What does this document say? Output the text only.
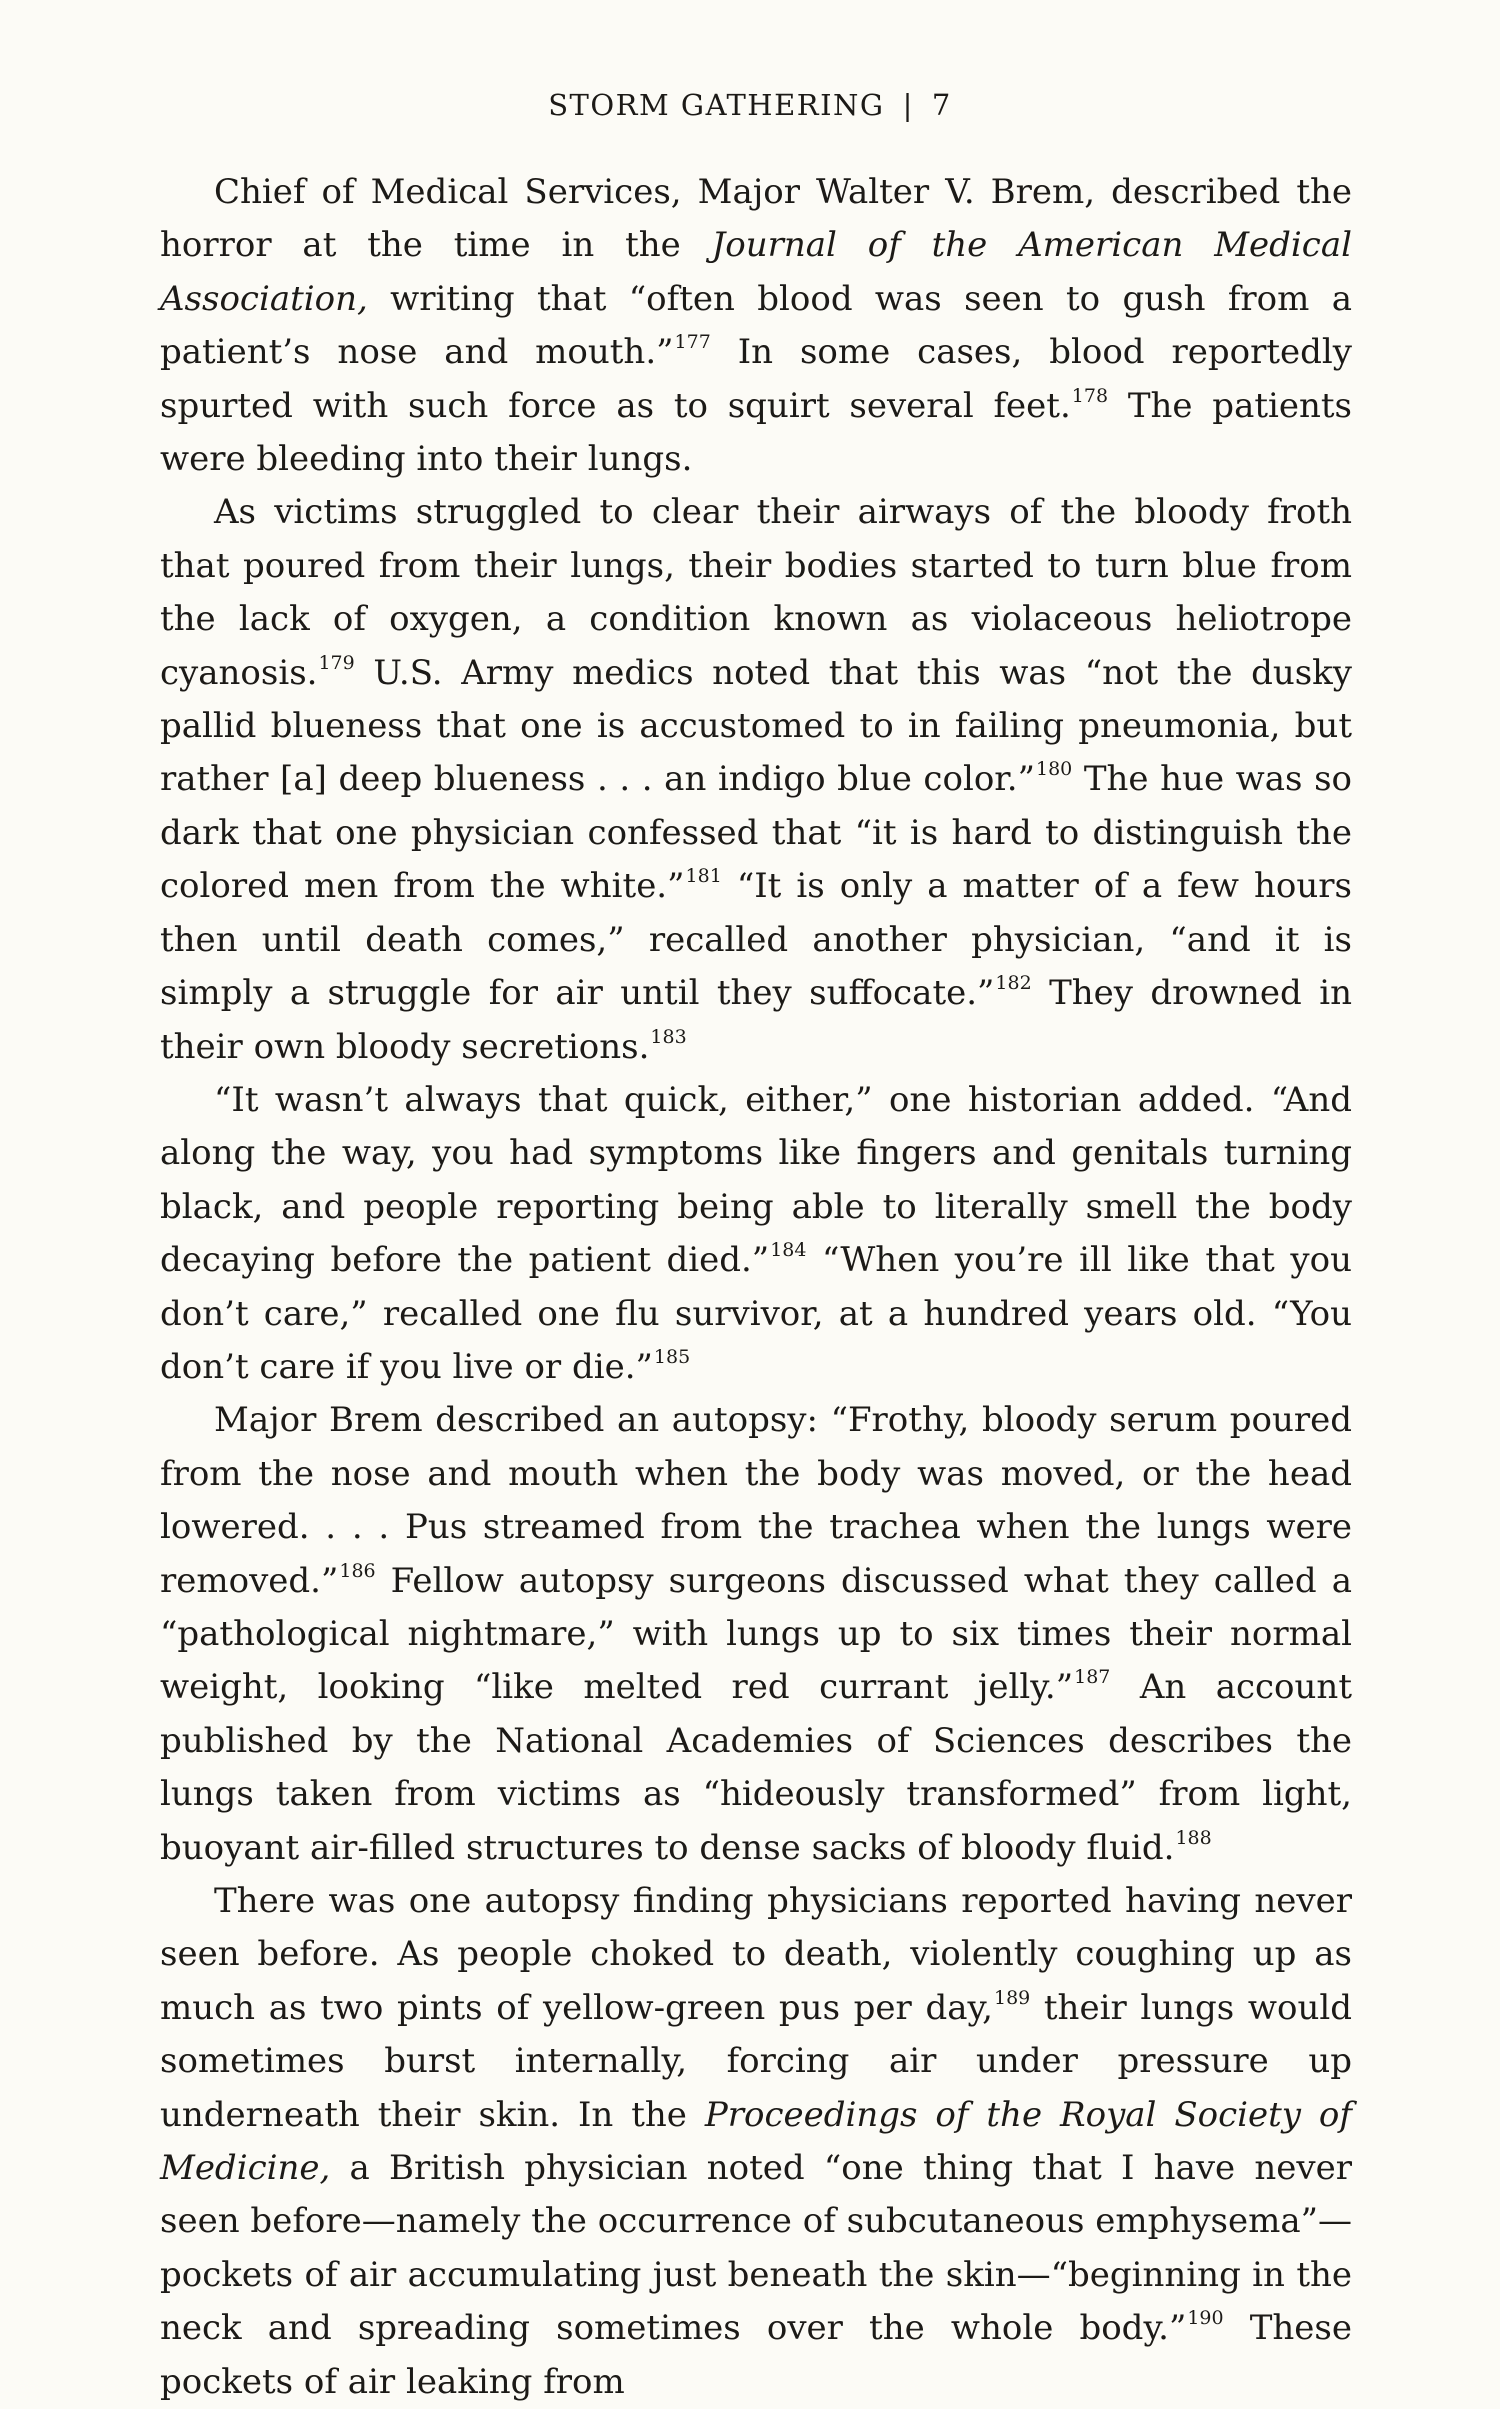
STORM GATHERING | 7

Chief of Medical Services, Major Walter V. Brem, described the horror at the time in the Journal of the American Medical Association, writing that “often blood was seen to gush from a patient’s nose and mouth.”$^{177}$ In some cases, blood reportedly spurted with such force as to squirt several feet.$^{178}$ The patients were bleeding into their lungs.

As victims struggled to clear their airways of the bloody froth that poured from their lungs, their bodies started to turn blue from the lack of oxygen, a condition known as violaceous heliotrope cyanosis.$^{179}$ U.S. Army medics noted that this was “not the dusky pallid blueness that one is accustomed to in failing pneumonia, but rather [a] deep blueness . . . an indigo blue color.”$^{180}$ The hue was so dark that one physician confessed that “it is hard to distinguish the colored men from the white.”$^{181}$ “It is only a matter of a few hours then until death comes,” recalled another physician, “and it is simply a struggle for air until they suffocate.”$^{182}$ They drowned in their own bloody secretions.$^{183}$

“It wasn’t always that quick, either,” one historian added. “And along the way, you had symptoms like fingers and genitals turning black, and people reporting being able to literally smell the body decaying before the patient died.”$^{184}$ “When you’re ill like that you don’t care,” recalled one flu survivor, at a hundred years old. “You don’t care if you live or die.”$^{185}$

Major Brem described an autopsy: “Frothy, bloody serum poured from the nose and mouth when the body was moved, or the head lowered. . . . Pus streamed from the trachea when the lungs were removed.”$^{186}$ Fellow autopsy surgeons discussed what they called a “pathological nightmare,” with lungs up to six times their normal weight, looking “like melted red currant jelly.”$^{187}$ An account published by the National Academies of Sciences describes the lungs taken from victims as “hideously transformed” from light, buoyant air-filled structures to dense sacks of bloody fluid.$^{188}$

There was one autopsy finding physicians reported having never seen before. As people choked to death, violently coughing up as much as two pints of yellow-green pus per day,$^{189}$ their lungs would sometimes burst internally, forcing air under pressure up underneath their skin. In the Proceedings of the Royal Society of Medicine, a British physician noted “one thing that I have never seen before—namely the occurrence of subcutaneous emphysema”—pockets of air accumulating just beneath the skin—“beginning in the neck and spreading sometimes over the whole body.”$^{190}$ These pockets of air leaking from
